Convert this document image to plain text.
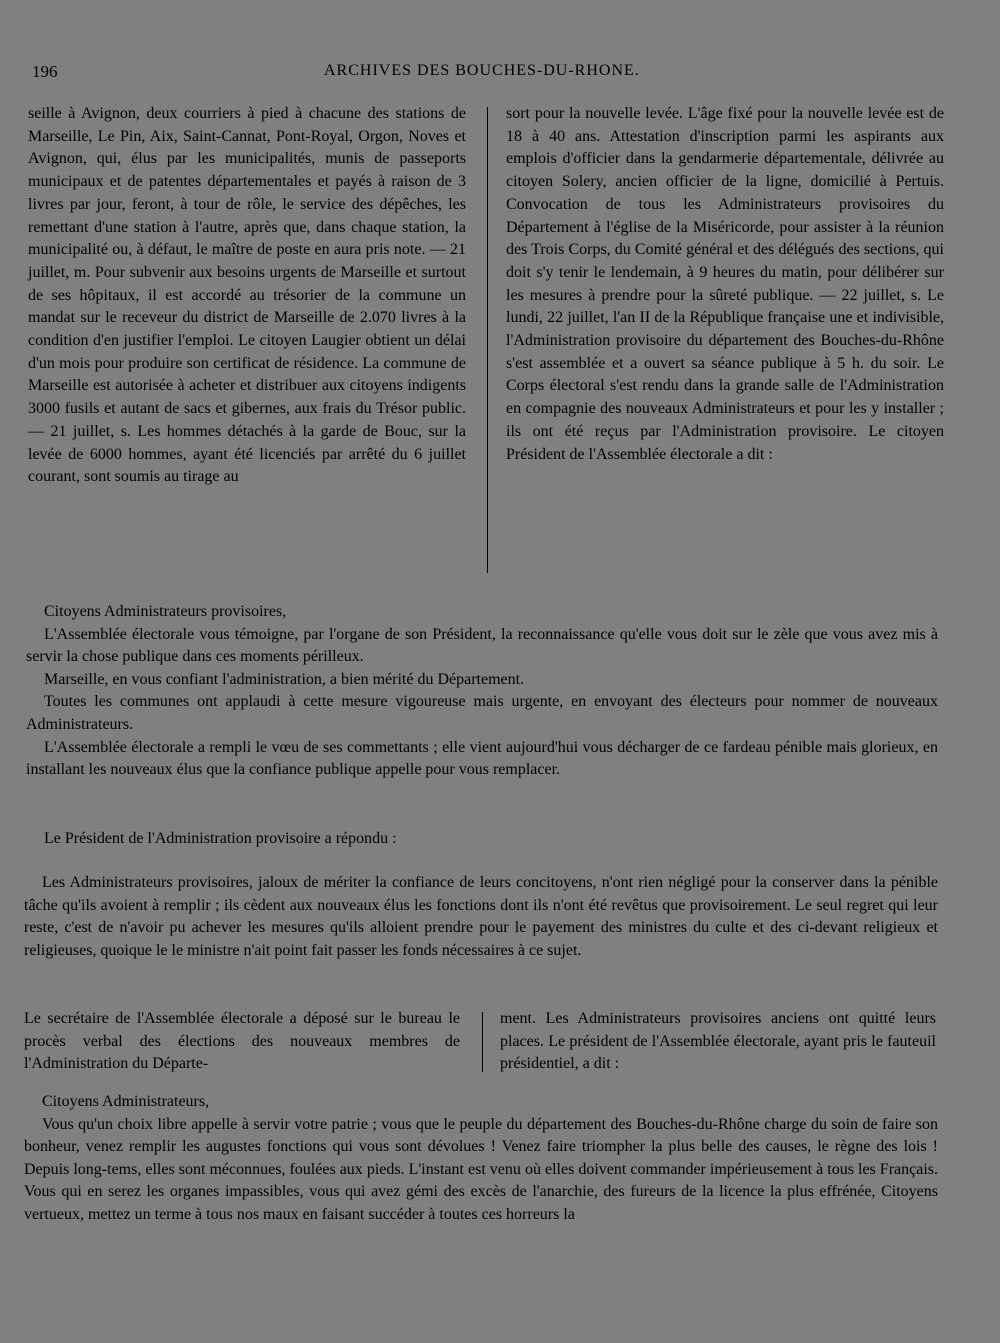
196	ARCHIVES DES BOUCHES-DU-RHONE.
seille à Avignon, deux courriers à pied à chacune des stations de Marseille, Le Pin, Aix, Saint-Cannat, Pont-Royal, Orgon, Noves et Avignon, qui, élus par les municipalités, munis de passeports municipaux et de patentes départementales et payés à raison de 3 livres par jour, feront, à tour de rôle, le service des dépêches, les remettant d'une station à l'autre, après que, dans chaque station, la municipalité ou, à défaut, le maître de poste en aura pris note. — 21 juillet, m. Pour subvenir aux besoins urgents de Marseille et surtout de ses hôpitaux, il est accordé au trésorier de la commune un mandat sur le receveur du district de Marseille de 2.070 livres à la condition d'en justifier l'emploi. Le citoyen Laugier obtient un délai d'un mois pour produire son certificat de résidence. La commune de Marseille est autorisée à acheter et distribuer aux citoyens indigents 3000 fusils et autant de sacs et gibernes, aux frais du Trésor public. — 21 juillet, s. Les hommes détachés à la garde de Bouc, sur la levée de 6000 hommes, ayant été licenciés par arrêté du 6 juillet courant, sont soumis au tirage au
sort pour la nouvelle levée. L'âge fixé pour la nouvelle levée est de 18 à 40 ans. Attestation d'inscription parmi les aspirants aux emplois d'officier dans la gendarmerie départementale, délivrée au citoyen Solery, ancien officier de la ligne, domicilié à Pertuis. Convocation de tous les Administrateurs provisoires du Département à l'église de la Miséricorde, pour assister à la réunion des Trois Corps, du Comité général et des délégués des sections, qui doit s'y tenir le lendemain, à 9 heures du matin, pour délibérer sur les mesures à prendre pour la sûreté publique. — 22 juillet, s. Le lundi, 22 juillet, l'an II de la République française une et indivisible, l'Administration provisoire du département des Bouches-du-Rhône s'est assemblée et a ouvert sa séance publique à 5 h. du soir. Le Corps électoral s'est rendu dans la grande salle de l'Administration en compagnie des nouveaux Administrateurs et pour les y installer ; ils ont été reçus par l'Administration provisoire. Le citoyen Président de l'Assemblée électorale a dit :

Citoyens Administrateurs provisoires,

L'Assemblée électorale vous témoigne, par l'organe de son Président, la reconnaissance qu'elle vous doit sur le zèle que vous avez mis à servir la chose publique dans ces moments périlleux.

Marseille, en vous confiant l'administration, a bien mérité du Département.

Toutes les communes ont applaudi à cette mesure vigoureuse mais urgente, en envoyant des électeurs pour nommer de nouveaux Administrateurs.

L'Assemblée électorale a rempli le vœu de ses commettants ; elle vient aujourd'hui vous décharger de ce fardeau pénible mais glorieux, en installant les nouveaux élus que la confiance publique appelle pour vous remplacer.

Le Président de l'Administration provisoire a répondu :

Les Administrateurs provisoires, jaloux de mériter la confiance de leurs concitoyens, n'ont rien négligé pour la conserver dans la pénible tâche qu'ils avoient à remplir ; ils cèdent aux nouveaux élus les fonctions dont ils n'ont été revêtus que provisoirement. Le seul regret qui leur reste, c'est de n'avoir pu achever les mesures qu'ils alloient prendre pour le payement des ministres du culte et des ci-devant religieux et religieuses, quoique le le ministre n'ait point fait passer les fonds nécessaires à ce sujet.

Le secrétaire de l'Assemblée électorale a déposé sur le bureau le procès verbal des élections des nouveaux membres de l'Administration du Départe-
ment. Les Administrateurs provisoires anciens ont quitté leurs places. Le président de l'Assemblée électorale, ayant pris le fauteuil présidentiel, a dit :

Citoyens Administrateurs,

Vous qu'un choix libre appelle à servir votre patrie ; vous que le peuple du département des Bouches-du-Rhône charge du soin de faire son bonheur, venez remplir les augustes fonctions qui vous sont dévolues ! Venez faire triompher la plus belle des causes, le règne des lois ! Depuis long-tems, elles sont méconnues, foulées aux pieds. L'instant est venu où elles doivent commander impérieusement à tous les Français. Vous qui en serez les organes impassibles, vous qui avez gémi des excès de l'anarchie, des fureurs de la licence la plus effrénée, Citoyens vertueux, mettez un terme à tous nos maux en faisant succéder à toutes ces horreurs la
